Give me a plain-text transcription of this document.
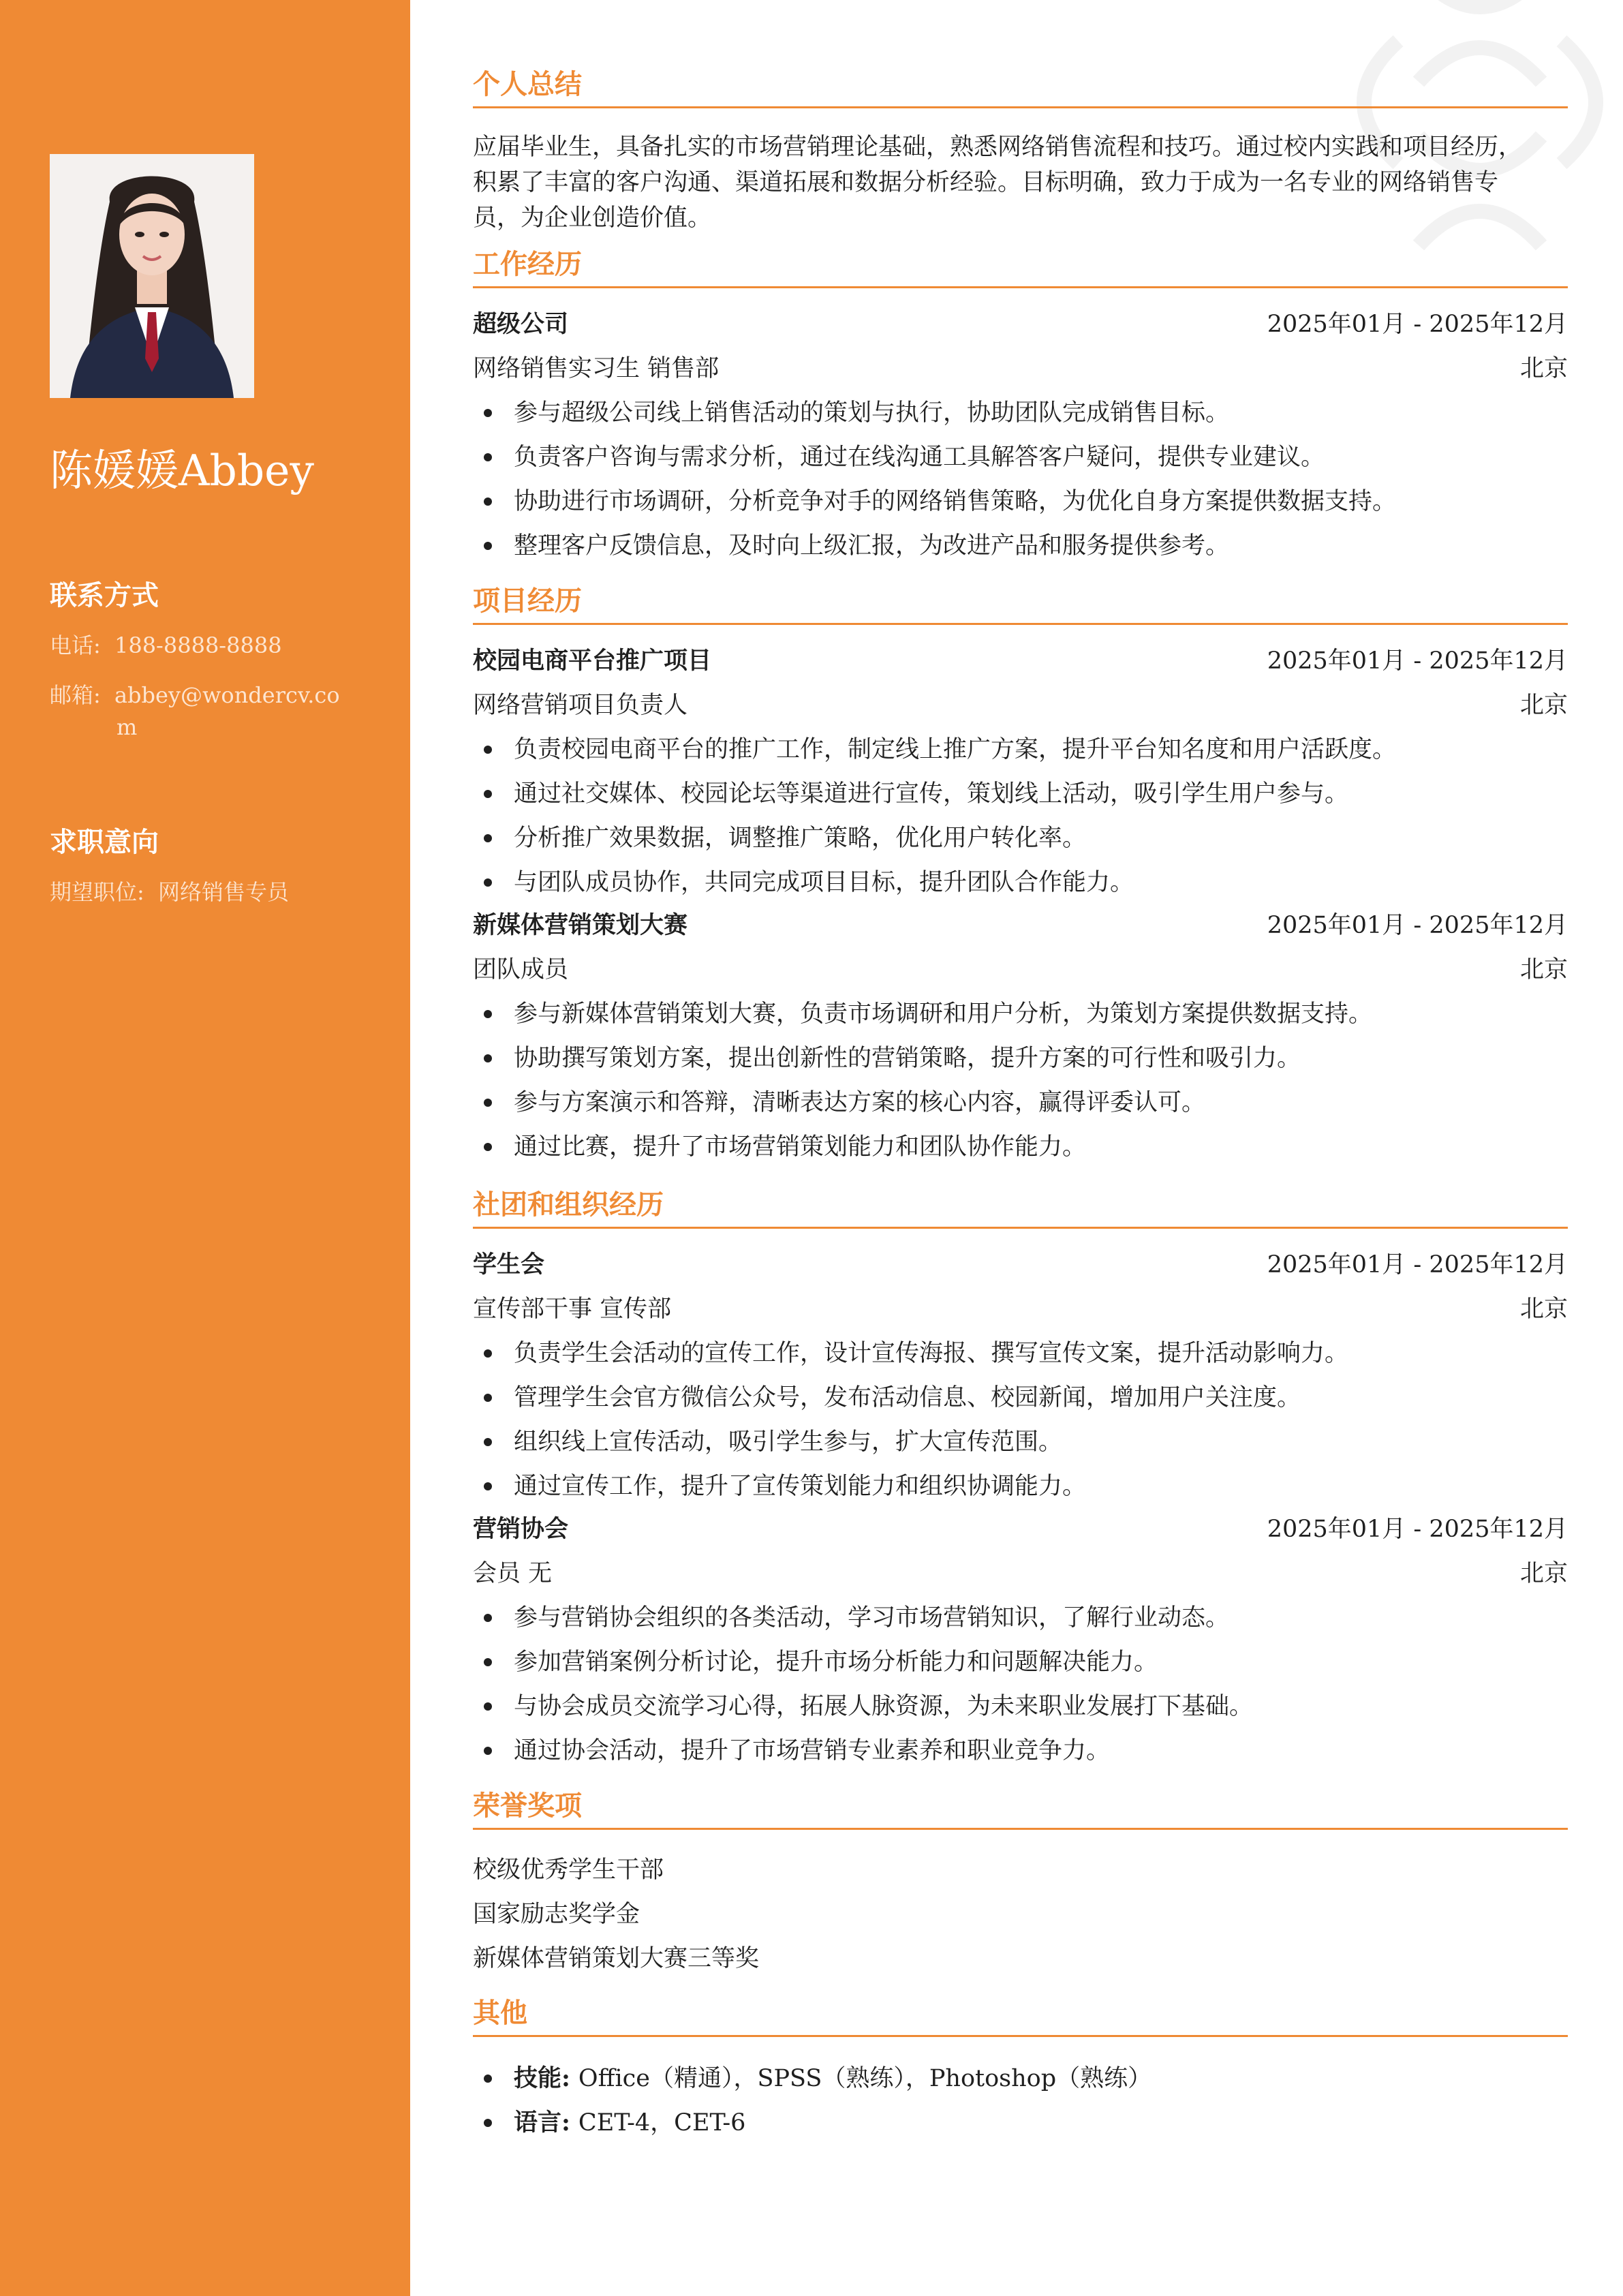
陈媛媛Abbey
联系方式
电话: 188-8888-8888
邮箱: abbey@wondercv.co
m
求职意向
期望职位: 网络销售专员
个人总结
应届毕业生，具备扎实的市场营销理论基础，熟悉网络销售流程和技巧。通过校内实践和项目经历，
积累了丰富的客户沟通、渠道拓展和数据分析经验。目标明确，致力于成为一名专业的网络销售专
员，为企业创造价值。
工作经历
超级公司	2025年01月 - 2025年12月
网络销售实习生 销售部	北京
参与超级公司线上销售活动的策划与执行，协助团队完成销售目标。
负责客户咨询与需求分析，通过在线沟通工具解答客户疑问，提供专业建议。
协助进行市场调研，分析竞争对手的网络销售策略，为优化自身方案提供数据支持。
整理客户反馈信息，及时向上级汇报，为改进产品和服务提供参考。
项目经历
校园电商平台推广项目	2025年01月 - 2025年12月
网络营销项目负责人	北京
负责校园电商平台的推广工作，制定线上推广方案，提升平台知名度和用户活跃度。
通过社交媒体、校园论坛等渠道进行宣传，策划线上活动，吸引学生用户参与。
分析推广效果数据，调整推广策略，优化用户转化率。
与团队成员协作，共同完成项目目标，提升团队合作能力。
新媒体营销策划大赛	2025年01月 - 2025年12月
团队成员	北京
参与新媒体营销策划大赛，负责市场调研和用户分析，为策划方案提供数据支持。
协助撰写策划方案，提出创新性的营销策略，提升方案的可行性和吸引力。
参与方案演示和答辩，清晰表达方案的核心内容，赢得评委认可。
通过比赛，提升了市场营销策划能力和团队协作能力。
社团和组织经历
学生会	2025年01月 - 2025年12月
宣传部干事 宣传部	北京
负责学生会活动的宣传工作，设计宣传海报、撰写宣传文案，提升活动影响力。
管理学生会官方微信公众号，发布活动信息、校园新闻，增加用户关注度。
组织线上宣传活动，吸引学生参与，扩大宣传范围。
通过宣传工作，提升了宣传策划能力和组织协调能力。
营销协会	2025年01月 - 2025年12月
会员 无	北京
参与营销协会组织的各类活动，学习市场营销知识，了解行业动态。
参加营销案例分析讨论，提升市场分析能力和问题解决能力。
与协会成员交流学习心得，拓展人脉资源，为未来职业发展打下基础。
通过协会活动，提升了市场营销专业素养和职业竞争力。
荣誉奖项
校级优秀学生干部
国家励志奖学金
新媒体营销策划大赛三等奖
其他
技能: Office（精通），SPSS（熟练），Photoshop（熟练）
语言: CET-4，CET-6
